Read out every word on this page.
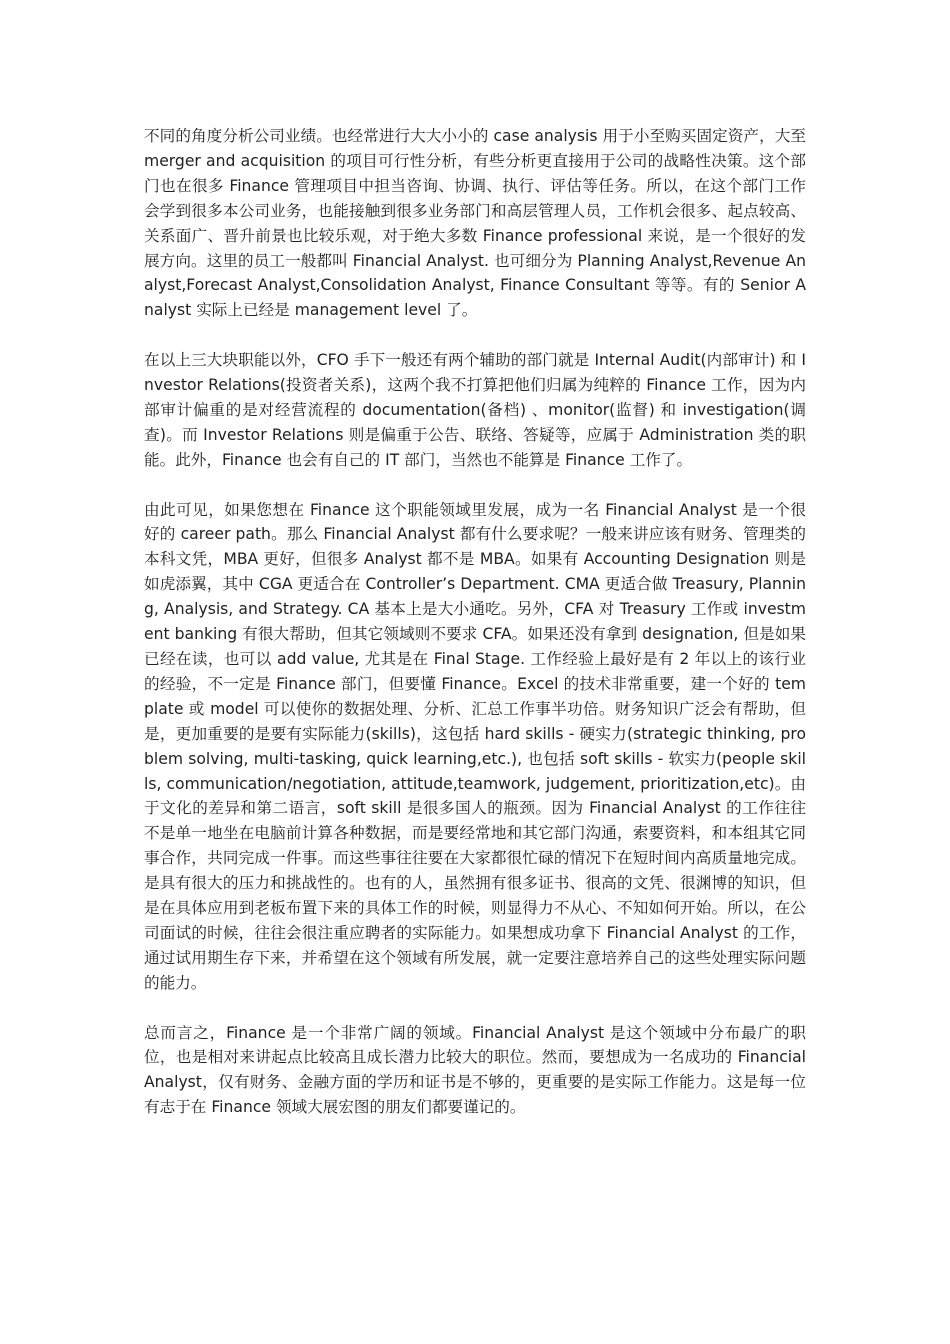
不同的角度分析公司业绩。也经常进行大大小小的 case analysis 用于小至购买固定资产，大至 merger and acquisition 的项目可行性分析，有些分析更直接用于公司的战略性决策。这个部门也在很多 Finance 管理项目中担当咨询、协调、执行、评估等任务。所以，在这个部门工作会学到很多本公司业务，也能接触到很多业务部门和高层管理人员，工作机会很多、起点较高、关系面广、晋升前景也比较乐观，对于绝大多数 Finance professional 来说，是一个很好的发展方向。这里的员工一般都叫 Financial Analyst. 也可细分为 Planning Analyst,Revenue Analyst,Forecast Analyst,Consolidation Analyst, Finance Consultant 等等。有的 Senior Analyst 实际上已经是 management level 了。

在以上三大块职能以外，CFO 手下一般还有两个辅助的部门就是 Internal Audit(内部审计) 和 Investor Relations(投资者关系)，这两个我不打算把他们归属为纯粹的 Finance 工作，因为内部审计偏重的是对经营流程的 documentation(备档) 、monitor(监督) 和 investigation(调查)。而 Investor Relations 则是偏重于公告、联络、答疑等，应属于 Administration 类的职能。此外，Finance 也会有自己的 IT 部门，当然也不能算是 Finance 工作了。

由此可见，如果您想在 Finance 这个职能领域里发展，成为一名 Financial Analyst 是一个很好的 career path。那么 Financial Analyst 都有什么要求呢？一般来讲应该有财务、管理类的本科文凭，MBA 更好，但很多 Analyst 都不是 MBA。如果有 Accounting Designation 则是如虎添翼，其中 CGA 更适合在 Controller’s Department. CMA 更适合做 Treasury, Planning, Analysis, and Strategy. CA 基本上是大小通吃。另外，CFA 对 Treasury 工作或 investment banking 有很大帮助，但其它领域则不要求 CFA。如果还没有拿到 designation, 但是如果已经在读，也可以 add value, 尤其是在 Final Stage. 工作经验上最好是有 2 年以上的该行业的经验，不一定是 Finance 部门，但要懂 Finance。Excel 的技术非常重要，建一个好的 template 或 model 可以使你的数据处理、分析、汇总工作事半功倍。财务知识广泛会有帮助，但是，更加重要的是要有实际能力(skills)，这包括 hard skills - 硬实力(strategic thinking, problem solving, multi-tasking, quick learning,etc.), 也包括 soft skills - 软实力(people skills, communication/negotiation, attitude,teamwork, judgement, prioritization,etc)。由于文化的差异和第二语言，soft skill 是很多国人的瓶颈。因为 Financial Analyst 的工作往往不是单一地坐在电脑前计算各种数据，而是要经常地和其它部门沟通，索要资料，和本组其它同事合作，共同完成一件事。而这些事往往要在大家都很忙碌的情况下在短时间内高质量地完成。是具有很大的压力和挑战性的。也有的人，虽然拥有很多证书、很高的文凭、很渊博的知识，但是在具体应用到老板布置下来的具体工作的时候，则显得力不从心、不知如何开始。所以，在公司面试的时候，往往会很注重应聘者的实际能力。如果想成功拿下 Financial Analyst 的工作，通过试用期生存下来，并希望在这个领域有所发展，就一定要注意培养自己的这些处理实际问题的能力。

总而言之，Finance 是一个非常广阔的领域。Financial Analyst 是这个领域中分布最广的职位，也是相对来讲起点比较高且成长潜力比较大的职位。然而，要想成为一名成功的 Financial Analyst，仅有财务、金融方面的学历和证书是不够的，更重要的是实际工作能力。这是每一位有志于在 Finance 领域大展宏图的朋友们都要谨记的。
